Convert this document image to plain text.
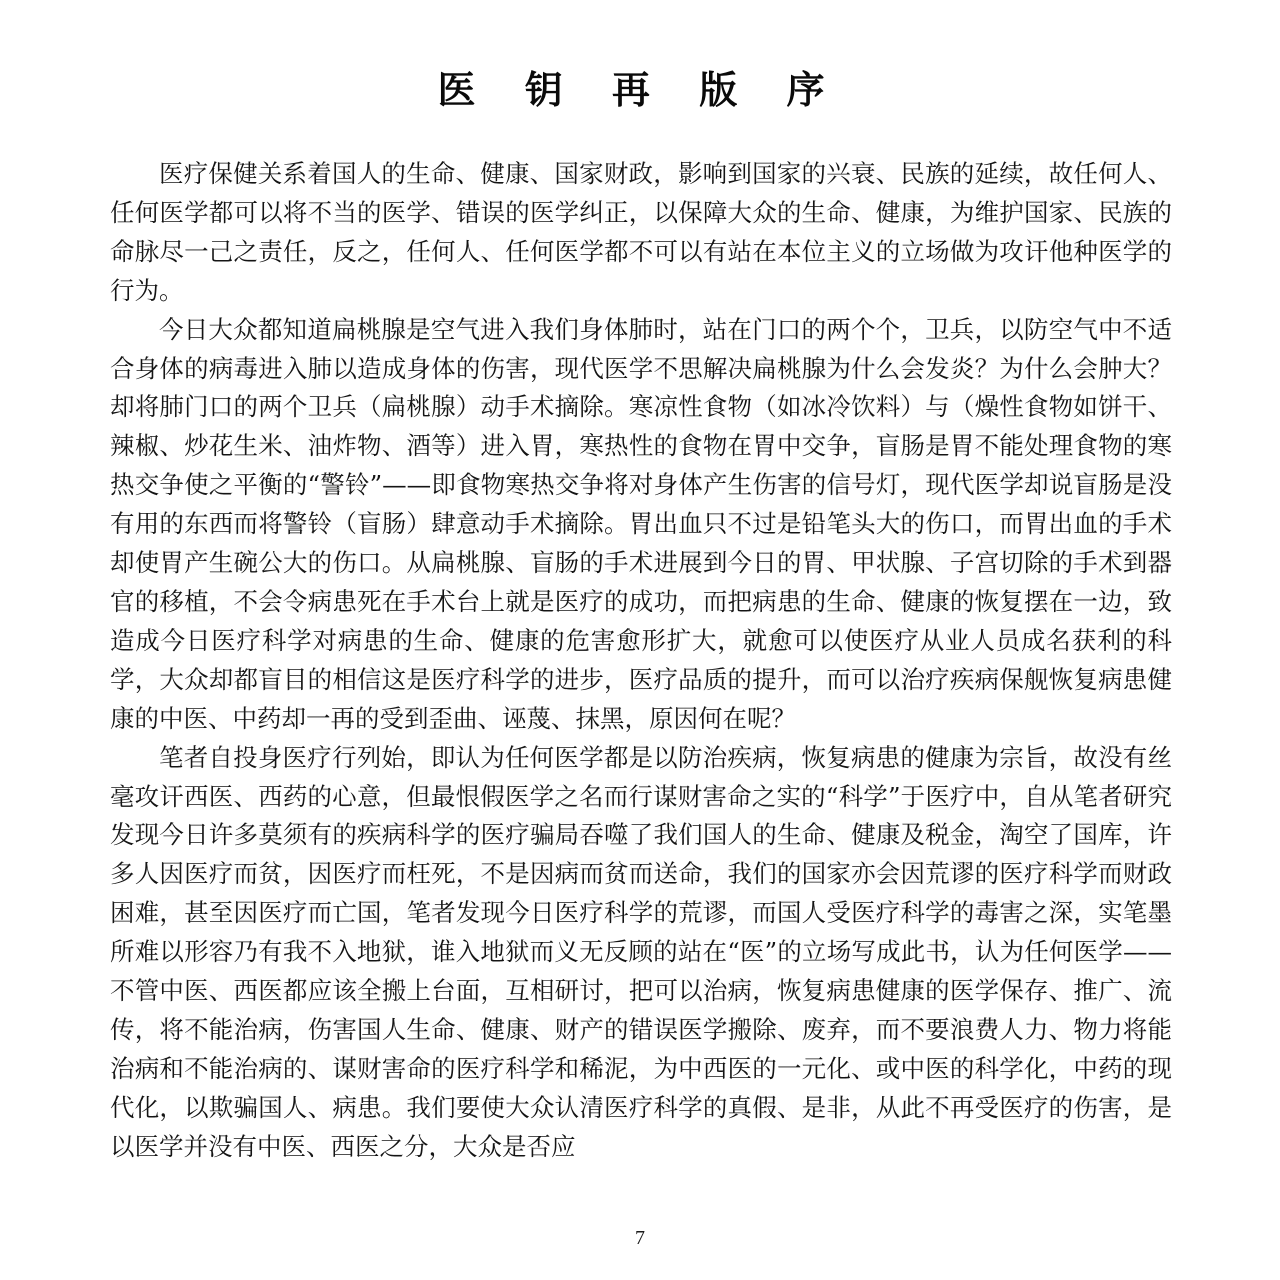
医 钥 再 版 序

医疗保健关系着国人的生命、健康、国家财政，影响到国家的兴衰、民族的延续，故任何人、任何医学都可以将不当的医学、错误的医学纠正，以保障大众的生命、健康，为维护国家、民族的命脉尽一己之责任，反之，任何人、任何医学都不可以有站在本位主义的立场做为攻讦他种医学的行为。

今日大众都知道扁桃腺是空气进入我们身体肺时，站在门口的两个个，卫兵，以防空气中不适合身体的病毒进入肺以造成身体的伤害，现代医学不思解决扁桃腺为什么会发炎？为什么会肿大？却将肺门口的两个卫兵（扁桃腺）动手术摘除。寒凉性食物（如冰冷饮料）与（燥性食物如饼干、辣椒、炒花生米、油炸物、酒等）进入胃，寒热性的食物在胃中交争，盲肠是胃不能处理食物的寒热交争使之平衡的“警铃”——即食物寒热交争将对身体产生伤害的信号灯，现代医学却说盲肠是没有用的东西而将警铃（盲肠）肆意动手术摘除。胃出血只不过是铅笔头大的伤口，而胃出血的手术却使胃产生碗公大的伤口。从扁桃腺、盲肠的手术进展到今日的胃、甲状腺、子宫切除的手术到器官的移植，不会令病患死在手术台上就是医疗的成功，而把病患的生命、健康的恢复摆在一边，致造成今日医疗科学对病患的生命、健康的危害愈形扩大，就愈可以使医疗从业人员成名获利的科学，大众却都盲目的相信这是医疗科学的进步，医疗品质的提升，而可以治疗疾病保舰恢复病患健康的中医、中药却一再的受到歪曲、诬蔑、抹黑，原因何在呢？

笔者自投身医疗行列始，即认为任何医学都是以防治疾病，恢复病患的健康为宗旨，故没有丝毫攻讦西医、西药的心意，但最恨假医学之名而行谋财害命之实的“科学”于医疗中，自从笔者研究发现今日许多莫须有的疾病科学的医疗骗局吞噬了我们国人的生命、健康及税金，淘空了国库，许多人因医疗而贫，因医疗而枉死，不是因病而贫而送命，我们的国家亦会因荒谬的医疗科学而财政困难，甚至因医疗而亡国，笔者发现今日医疗科学的荒谬，而国人受医疗科学的毒害之深，实笔墨所难以形容乃有我不入地狱，谁入地狱而义无反顾的站在“医”的立场写成此书，认为任何医学——不管中医、西医都应该全搬上台面，互相研讨，把可以治病，恢复病患健康的医学保存、推广、流传，将不能治病，伤害国人生命、健康、财产的错误医学搬除、废弃，而不要浪费人力、物力将能治病和不能治病的、谋财害命的医疗科学和稀泥，为中西医的一元化、或中医的科学化，中药的现代化，以欺骗国人、病患。我们要使大众认清医疗科学的真假、是非，从此不再受医疗的伤害，是以医学并没有中医、西医之分，大众是否应

7
